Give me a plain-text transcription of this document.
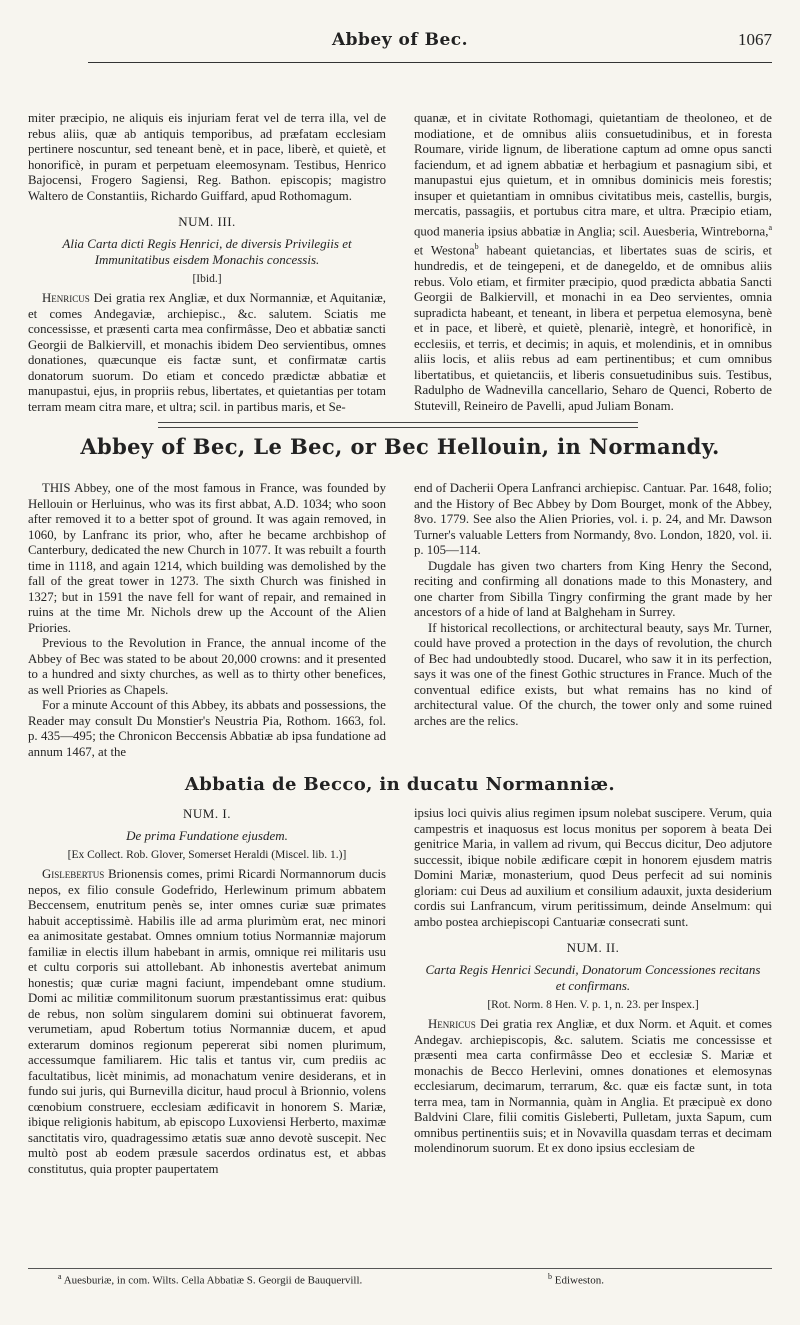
Abbey of Bec.	1067

miter præcipio, ne aliquis eis injuriam ferat vel de terra illa, vel de rebus aliis, quæ ab antiquis temporibus, ad præfatam ecclesiam pertinere noscuntur, sed teneant benè, et in pace, liberè, et quietè, et honorificè, in puram et perpetuam eleemosynam. Testibus, Henrico Bajocensi, Frogero Sagiensi, Reg. Bathon. episcopis; magistro Waltero de Constantiis, Richardo Guiffard, apud Rothomagum.

NUM. III.
Alia Carta dicti Regis Henrici, de diversis Privilegiis et Immunitatibus eisdem Monachis concessis.
[Ibid.]

Henricus Dei gratia rex Angliæ, et dux Normanniæ, et Aquitaniæ, et comes Andegaviæ, archiepisc., &c. salutem. Sciatis me concessisse, et præsenti carta mea confirmâsse, Deo et abbatiæ sancti Georgii de Balkiervill, et monachis ibidem Deo servientibus, omnes donationes, quæcunque eis factæ sunt, et confirmatæ cartis donatorum suorum. Do etiam et concedo prædictæ abbatiæ et manupastui, ejus, in propriis rebus, libertates, et quietantias per totam terram meam citra mare, et ultra; scil. in partibus maris, et Se-

quanæ, et in civitate Rothomagi, quietantiam de theoloneo, et de modiatione, et de omnibus aliis consuetudinibus, et in foresta Roumare, viride lignum, de liberatione captum ad omne opus sancti faciendum, et ad ignem abbatiæ et herbagium et pasnagium sibi, et manupastui ejus quietum, et in omnibus dominicis meis forestis; insuper et quietantiam in omnibus civitatibus meis, castellis, burgis, mercatis, passagiis, et portubus citra mare, et ultra. Præcipio etiam, quod maneria ipsius abbatiæ in Anglia; scil. Auesberia, Wintreborna,$^a$ et Westona$^b$ habeant quietancias, et libertates suas de sciris, et hundredis, et de teingepeni, et de danegeldo, et de omnibus aliis rebus. Volo etiam, et firmiter præcipio, quod prædicta abbatia Sancti Georgii de Balkiervill, et monachi in ea Deo servientes, omnia supradicta habeant, et teneant, in libera et perpetua elemosyna, benè et in pace, et liberè, et quietè, plenariè, integrè, et honorificè, in ecclesiis, et terris, et decimis; in aquis, et molendinis, et in omnibus aliis locis, et aliis rebus ad eam pertinentibus; et cum omnibus libertatibus, et quietanciis, et liberis consuetudinibus suis. Testibus, Radulpho de Wadnevilla cancellario, Seharo de Quenci, Roberto de Stutevill, Reineiro de Pavelli, apud Juliam Bonam.

Abbey of Bec, Le Bec, or Bec Hellouin, in Normandy.

THIS Abbey, one of the most famous in France, was founded by Hellouin or Herluinus, who was its first abbat, A.D. 1034; who soon after removed it to a better spot of ground. It was again removed, in 1060, by Lanfranc its prior, who, after he became archbishop of Canterbury, dedicated the new Church in 1077. It was rebuilt a fourth time in 1118, and again 1214, which building was demolished by the fall of the great tower in 1273. The sixth Church was finished in 1327; but in 1591 the nave fell for want of repair, and remained in ruins at the time Mr. Nichols drew up the Account of the Alien Priories.

Previous to the Revolution in France, the annual income of the Abbey of Bec was stated to be about 20,000 crowns: and it presented to a hundred and sixty churches, as well as to thirty other benefices, as well Priories as Chapels.

For a minute Account of this Abbey, its abbats and possessions, the Reader may consult Du Monstier's Neustria Pia, Rothom. 1663, fol. p. 435—495; the Chronicon Beccensis Abbatiæ ab ipsa fundatione ad annum 1467, at the

end of Dacherii Opera Lanfranci archiepisc. Cantuar. Par. 1648, folio; and the History of Bec Abbey by Dom Bourget, monk of the Abbey, 8vo. 1779. See also the Alien Priories, vol. i. p. 24, and Mr. Dawson Turner's valuable Letters from Normandy, 8vo. London, 1820, vol. ii. p. 105—114.

Dugdale has given two charters from King Henry the Second, reciting and confirming all donations made to this Monastery, and one charter from Sibilla Tingry confirming the grant made by her ancestors of a hide of land at Balgheham in Surrey.

If historical recollections, or architectural beauty, says Mr. Turner, could have proved a protection in the days of revolution, the church of Bec had undoubtedly stood. Ducarel, who saw it in its perfection, says it was one of the finest Gothic structures in France. Much of the conventual edifice exists, but what remains has no kind of architectural value. Of the church, the tower only and some ruined arches are the relics.

Abbatia de Becco, in ducatu Normanniæ.
NUM. I.
De prima Fundatione ejusdem.
[Ex Collect. Rob. Glover, Somerset Heraldi (Miscel. lib. 1.)]

Gislebertus Brionensis comes, primi Ricardi Normannorum ducis nepos, ex filio consule Godefrido, Herlewinum primum abbatem Beccensem, enutritum penès se, inter omnes curiæ suæ primates habuit acceptissimè. Habilis ille ad arma plurimùm erat, nec minori ea animositate gestabat. Omnes omnium totius Normanniæ majorum familiæ in electis illum habebant in armis, omnique rei militaris usu et cultu corporis sui attollebant. Ab inhonestis avertebat animum honestis; quæ curiæ magni faciunt, impendebant omne studium. Domi ac militiæ commilitonum suorum præstantissimus erat: quibus de rebus, non solùm singularem domini sui obtinuerat favorem, verumetiam, apud Robertum totius Normanniæ ducem, et apud exterarum dominos regionum pepererat sibi nomen plurimum, accessumque familiarem. Hic talis et tantus vir, cum prediis ac facultatibus, licèt minimis, ad monachatum venire desiderans, et in fundo sui juris, qui Burnevilla dicitur, haud procul à Brionnio, volens cœnobium construere, ecclesiam ædificavit in honorem S. Mariæ, ibique religionis habitum, ab episcopo Luxoviensi Herberto, maximæ sanctitatis viro, quadragessimo ætatis suæ anno devotè suscepit. Nec multò post ab eodem præsule sacerdos ordinatus est, et abbas constitutus, quia propter paupertatem

ipsius loci quivis alius regimen ipsum nolebat suscipere. Verum, quia campestris et inaquosus est locus monitus per soporem à beata Dei genitrice Maria, in vallem ad rivum, qui Beccus dicitur, Deo adjutore successit, ibique nobile ædificare cœpit in honorem ejusdem matris Domini Mariæ, monasterium, quod Deus perfecit ad sui nominis gloriam: cui Deus ad auxilium et consilium adauxit, juxta desiderium cordis sui Lanfrancum, virum peritissimum, deinde Anselmum: qui ambo postea archiepiscopi Cantuariæ consecrati sunt.

NUM. II.
Carta Regis Henrici Secundi, Donatorum Concessiones recitans et confirmans.
[Rot. Norm. 8 Hen. V. p. 1, n. 23. per Inspex.]

Henricus Dei gratia rex Angliæ, et dux Norm. et Aquit. et comes Andegav. archiepiscopis, &c. salutem. Sciatis me concessisse et præsenti mea carta confirmâsse Deo et ecclesiæ S. Mariæ et monachis de Becco Herlevini, omnes donationes et elemosynas ecclesiarum, decimarum, terrarum, &c. quæ eis factæ sunt, in tota terra mea, tam in Normannia, quàm in Anglia. Et præcipuè ex dono Baldvini Clare, filii comitis Gisleberti, Pulletam, juxta Sapum, cum omnibus pertinentiis suis; et in Novavilla quasdam terras et decimam molendinorum suorum. Et ex dono ipsius ecclesiam de

$^a$ Auesburiæ, in com. Wilts. Cella Abbatiæ S. Georgii de Bauquervill.	$^b$ Ediweston.
